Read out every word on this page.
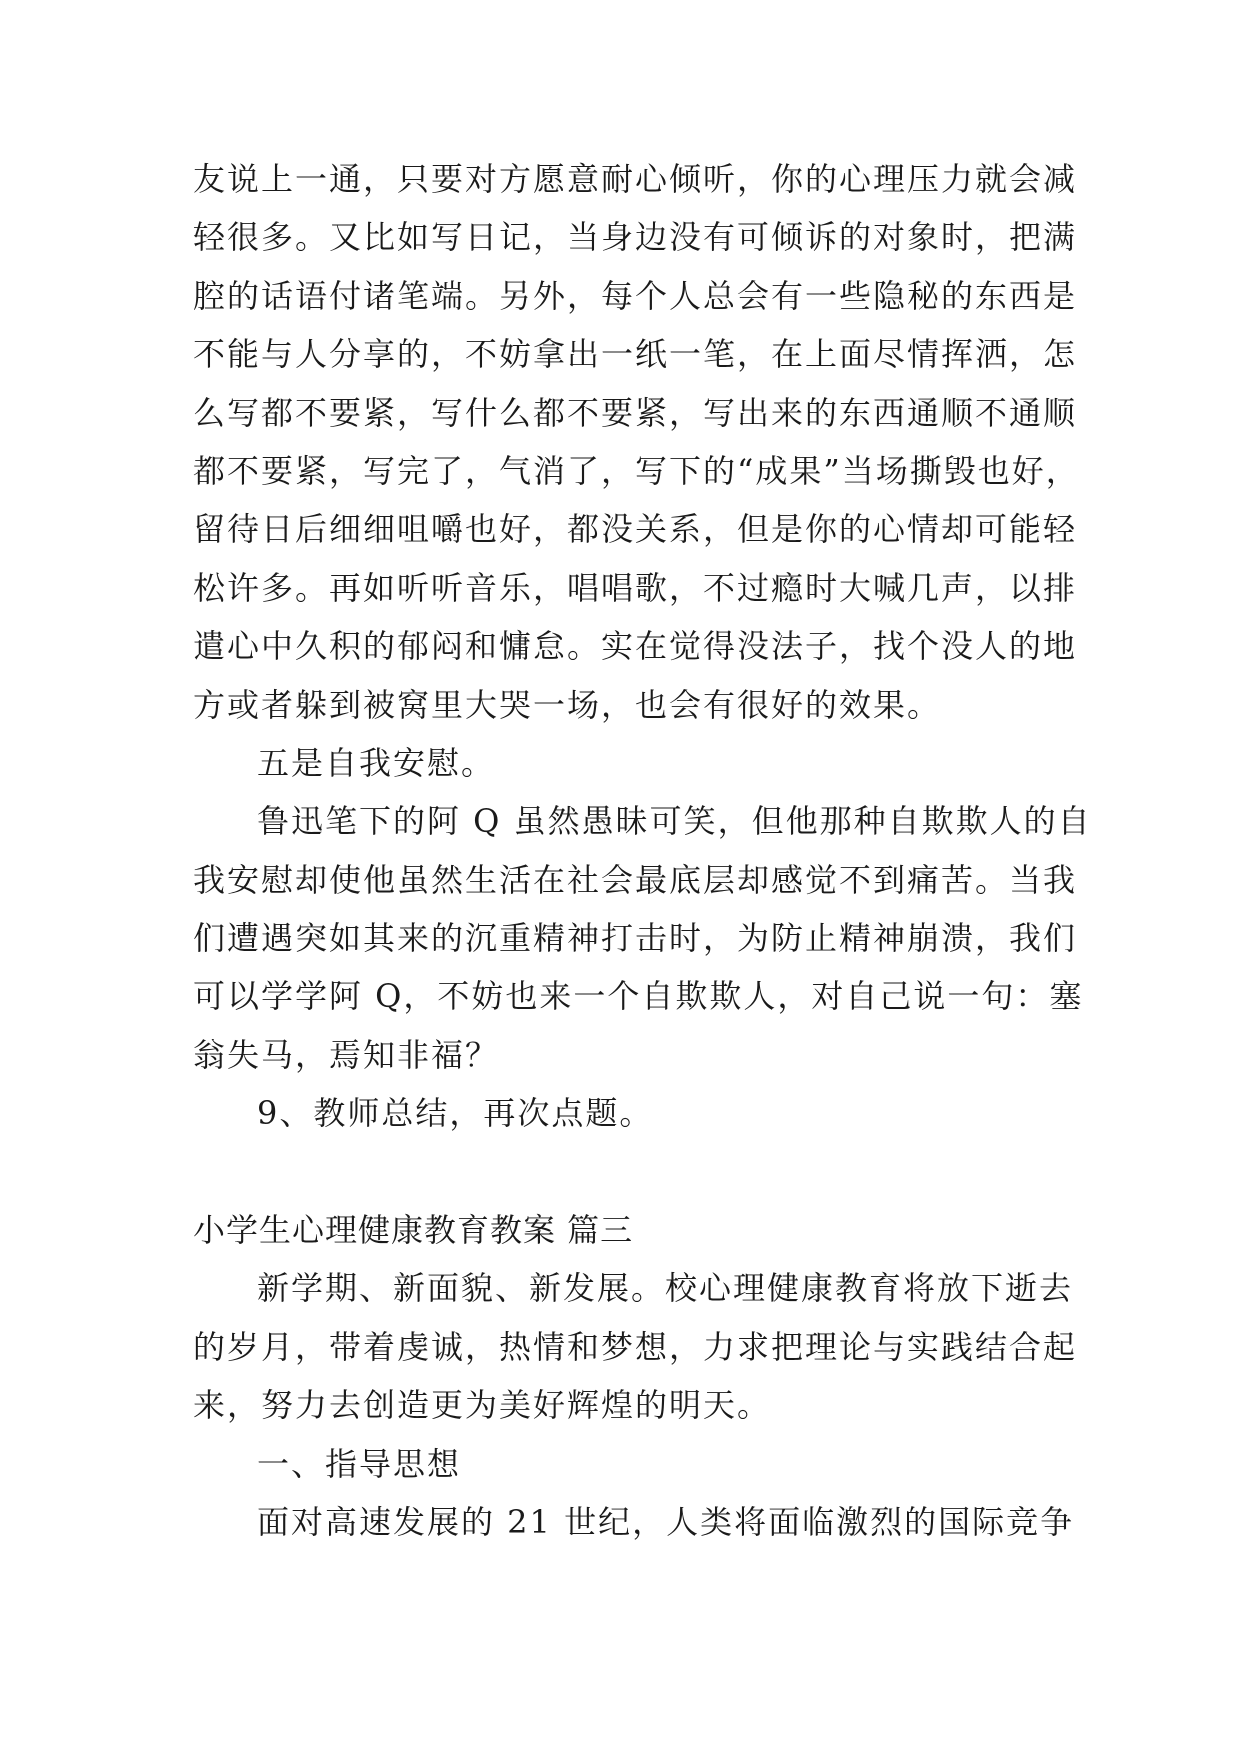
友说上一通，只要对方愿意耐心倾听，你的心理压力就会减
轻很多。又比如写日记，当身边没有可倾诉的对象时，把满
腔的话语付诸笔端。另外，每个人总会有一些隐秘的东西是
不能与人分享的，不妨拿出一纸一笔，在上面尽情挥洒，怎
么写都不要紧，写什么都不要紧，写出来的东西通顺不通顺
都不要紧，写完了，气消了，写下的“成果”当场撕毁也好，
留待日后细细咀嚼也好，都没关系，但是你的心情却可能轻
松许多。再如听听音乐，唱唱歌，不过瘾时大喊几声，以排
遣心中久积的郁闷和慵怠。实在觉得没法子，找个没人的地
方或者躲到被窝里大哭一场，也会有很好的效果。
五是自我安慰。
鲁迅笔下的阿 Q 虽然愚昧可笑，但他那种自欺欺人的自
我安慰却使他虽然生活在社会最底层却感觉不到痛苦。当我
们遭遇突如其来的沉重精神打击时，为防止精神崩溃，我们
可以学学阿 Q，不妨也来一个自欺欺人，对自己说一句：塞
翁失马，焉知非福？
9、教师总结，再次点题。
小学生心理健康教育教案 篇三
新学期、新面貌、新发展。校心理健康教育将放下逝去
的岁月，带着虔诚，热情和梦想，力求把理论与实践结合起
来，努力去创造更为美好辉煌的明天。
一、指导思想
面对高速发展的 21 世纪，人类将面临激烈的国际竞争
